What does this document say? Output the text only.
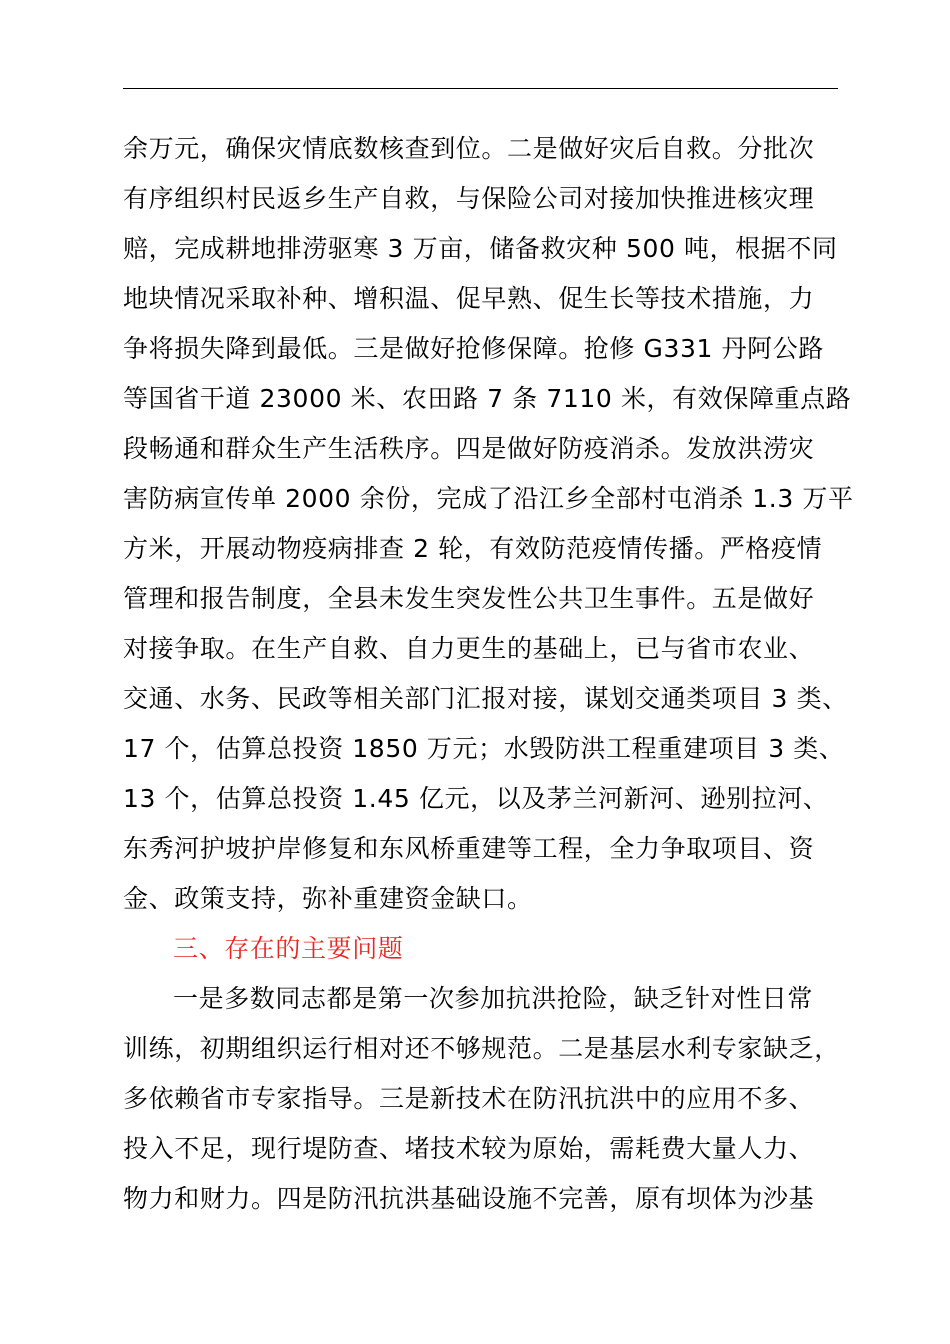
余万元，确保灾情底数核查到位。二是做好灾后自救。分批次
有序组织村民返乡生产自救，与保险公司对接加快推进核灾理
赔，完成耕地排涝驱寒 3 万亩，储备救灾种 500 吨，根据不同
地块情况采取补种、增积温、促早熟、促生长等技术措施，力
争将损失降到最低。三是做好抢修保障。抢修 G331 丹阿公路
等国省干道 23000 米、农田路 7 条 7110 米，有效保障重点路
段畅通和群众生产生活秩序。四是做好防疫消杀。发放洪涝灾
害防病宣传单 2000 余份，完成了沿江乡全部村屯消杀 1.3 万平
方米，开展动物疫病排查 2 轮，有效防范疫情传播。严格疫情
管理和报告制度，全县未发生突发性公共卫生事件。五是做好
对接争取。在生产自救、自力更生的基础上，已与省市农业、
交通、水务、民政等相关部门汇报对接，谋划交通类项目 3 类、
17 个，估算总投资 1850 万元；水毁防洪工程重建项目 3 类、
13 个，估算总投资 1.45 亿元，以及茅兰河新河、逊别拉河、
东秀河护坡护岸修复和东风桥重建等工程，全力争取项目、资
金、政策支持，弥补重建资金缺口。
三、存在的主要问题
一是多数同志都是第一次参加抗洪抢险，缺乏针对性日常
训练，初期组织运行相对还不够规范。二是基层水利专家缺乏，
多依赖省市专家指导。三是新技术在防汛抗洪中的应用不多、
投入不足，现行堤防查、堵技术较为原始，需耗费大量人力、
物力和财力。四是防汛抗洪基础设施不完善，原有坝体为沙基
